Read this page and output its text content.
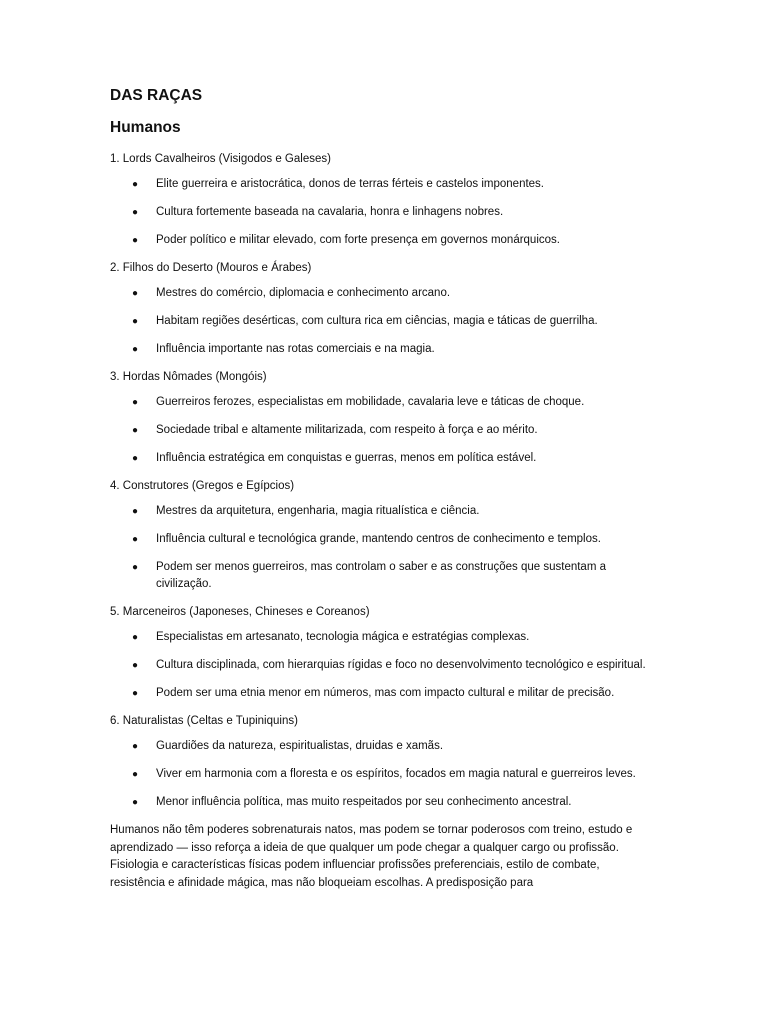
DAS RAÇAS
Humanos
1. Lords Cavalheiros (Visigodos e Galeses)
● Elite guerreira e aristocrática, donos de terras férteis e castelos imponentes.
● Cultura fortemente baseada na cavalaria, honra e linhagens nobres.
● Poder político e militar elevado, com forte presença em governos monárquicos.
2. Filhos do Deserto (Mouros e Árabes)
● Mestres do comércio, diplomacia e conhecimento arcano.
● Habitam regiões desérticas, com cultura rica em ciências, magia e táticas de guerrilha.
● Influência importante nas rotas comerciais e na magia.
3. Hordas Nômades (Mongóis)
● Guerreiros ferozes, especialistas em mobilidade, cavalaria leve e táticas de choque.
● Sociedade tribal e altamente militarizada, com respeito à força e ao mérito.
● Influência estratégica em conquistas e guerras, menos em política estável.
4. Construtores (Gregos e Egípcios)
● Mestres da arquitetura, engenharia, magia ritualística e ciência.
● Influência cultural e tecnológica grande, mantendo centros de conhecimento e templos.
● Podem ser menos guerreiros, mas controlam o saber e as construções que sustentam a civilização.
5. Marceneiros (Japoneses, Chineses e Coreanos)
● Especialistas em artesanato, tecnologia mágica e estratégias complexas.
● Cultura disciplinada, com hierarquias rígidas e foco no desenvolvimento tecnológico e espiritual.
● Podem ser uma etnia menor em números, mas com impacto cultural e militar de precisão.
6. Naturalistas (Celtas e Tupiniquins)
● Guardiões da natureza, espiritualistas, druidas e xamãs.
● Viver em harmonia com a floresta e os espíritos, focados em magia natural e guerreiros leves.
● Menor influência política, mas muito respeitados por seu conhecimento ancestral.

Humanos não têm poderes sobrenaturais natos, mas podem se tornar poderosos com treino, estudo e aprendizado — isso reforça a ideia de que qualquer um pode chegar a qualquer cargo ou profissão. Fisiologia e características físicas podem influenciar profissões preferenciais, estilo de combate, resistência e afinidade mágica, mas não bloqueiam escolhas. A predisposição para
